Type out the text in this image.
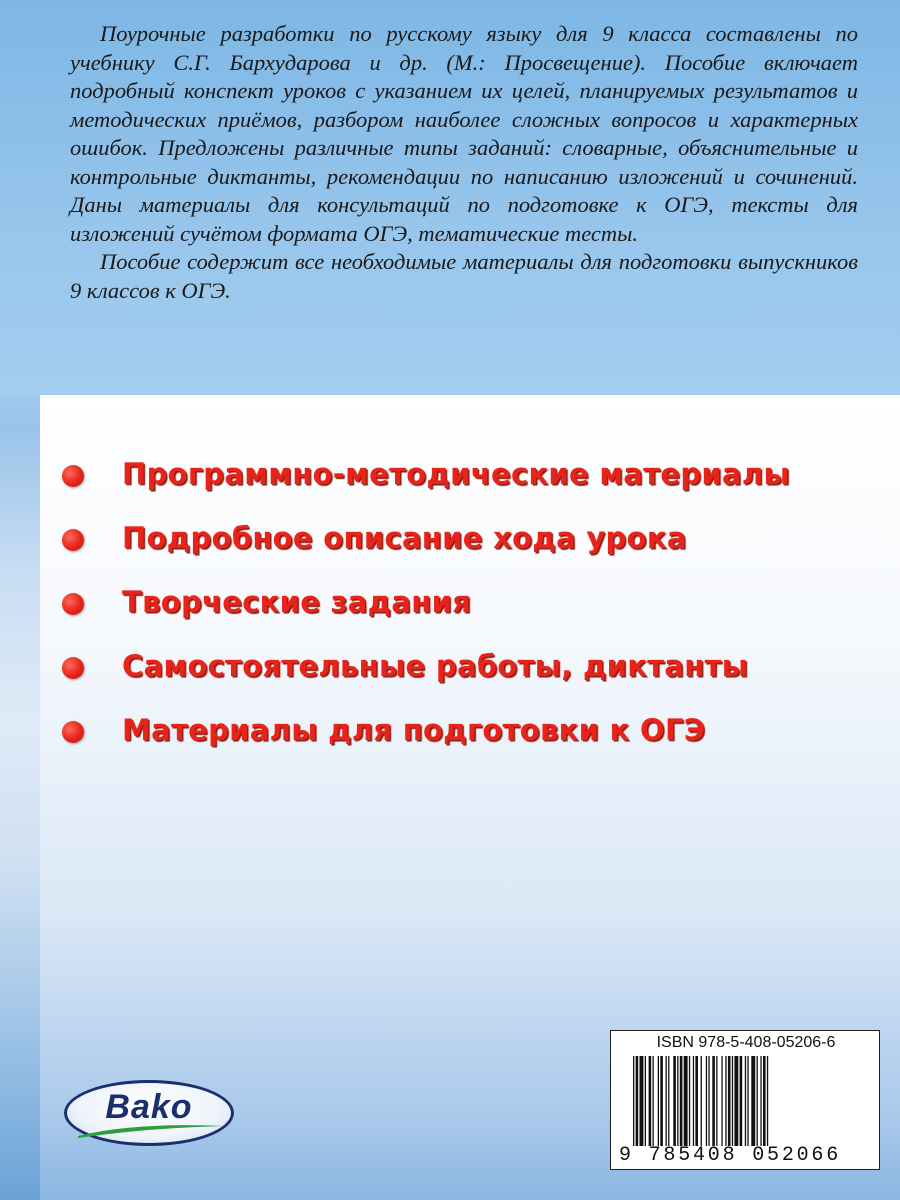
Поурочные разработки по русскому языку для 9 класса составлены по учебнику С.Г. Бархударова и др. (М.: Просвещение). Пособие включает подробный конспект уроков с указанием их целей, планируемых результатов и методических приёмов, разбором наиболее сложных вопросов и характерных ошибок. Предложены различные типы заданий: словарные, объяснительные и контрольные диктанты, рекомендации по написанию изложений и сочинений. Даны материалы для консультаций по подготовке к ОГЭ, тексты для изложений сучётом формата ОГЭ, тематические тесты.

Пособие содержит все необходимые материалы для подготовки выпускников 9 классов к ОГЭ.

Программно-методические материалы
Подробное описание хода урока
Творческие задания
Самостоятельные работы, диктанты
Материалы для подготовки к ОГЭ
Bako
ISBN 978-5-408-05206-6
9 785408 052066
